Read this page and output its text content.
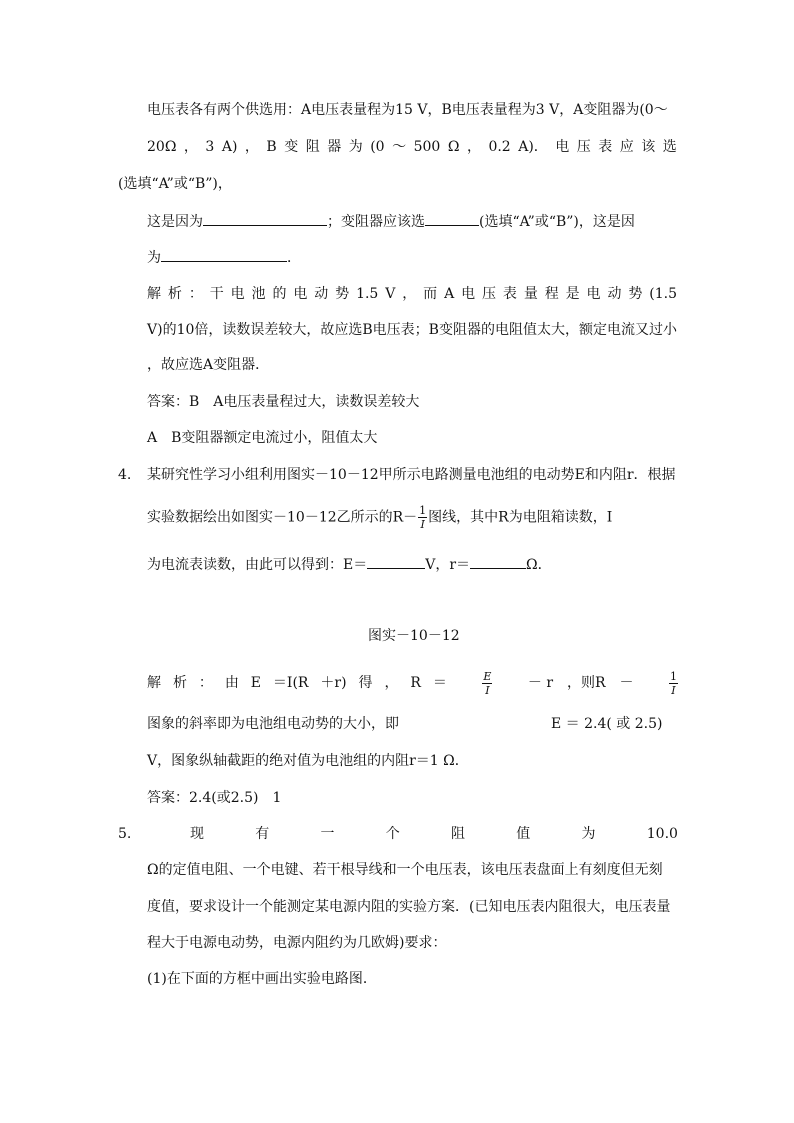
电压表各有两个供选用：A电压表量程为15 V，B电压表量程为3 V，A变阻器为(0～
20Ω ， 3 A) ， B 变 阻 器 为 (0 ～ 500 Ω ， 0.2 A)． 电 压 表 应 该 选
(选填“A”或“B”)，
这是因为	；变阻器应该选	(选填“A”或“B”)，这是因
为	．
解 析 ： 干 电 池 的 电 动 势 1.5 V ， 而 A 电 压 表 量 程 是 电 动 势 (1.5
V)的10倍，读数误差较大，故应选B电压表；B变阻器的电阻值太大，额定电流又过小
，故应选A变阻器．
答案：B　A电压表量程过大，读数误差较大
A　B变阻器额定电流过小，阻值太大
4. 某研究性学习小组利用图实－10－12甲所示电路测量电池组的电动势E和内阻r．根据
实验数据绘出如图实－10－12乙所示的$R- \frac{1}{I}$ 图线，其中R为电阻箱读数，I
为电流表读数，由此可以得到：E＝	V，r＝	Ω．
图实－10－12
解 析 ： 由 E ＝I(R ＋r) 得 ， R ＝	$\frac{E}{I}$	－ r　，则R　－	$\frac{1}{I}$
图象的斜率即为电池组电动势的大小，即	E ＝ 2.4( 或 2.5)
V，图象纵轴截距的绝对值为电池组的内阻r＝1 Ω．
答案：2.4(或2.5)　1
5.	现	有	一	个	阻	值	为	10.0
Ω的定值电阻、一个电键、若干根导线和一个电压表，该电压表盘面上有刻度但无刻
度值，要求设计一个能测定某电源内阻的实验方案．(已知电压表内阻很大，电压表量
程大于电源电动势，电源内阻约为几欧姆)要求：
(1)在下面的方框中画出实验电路图．
